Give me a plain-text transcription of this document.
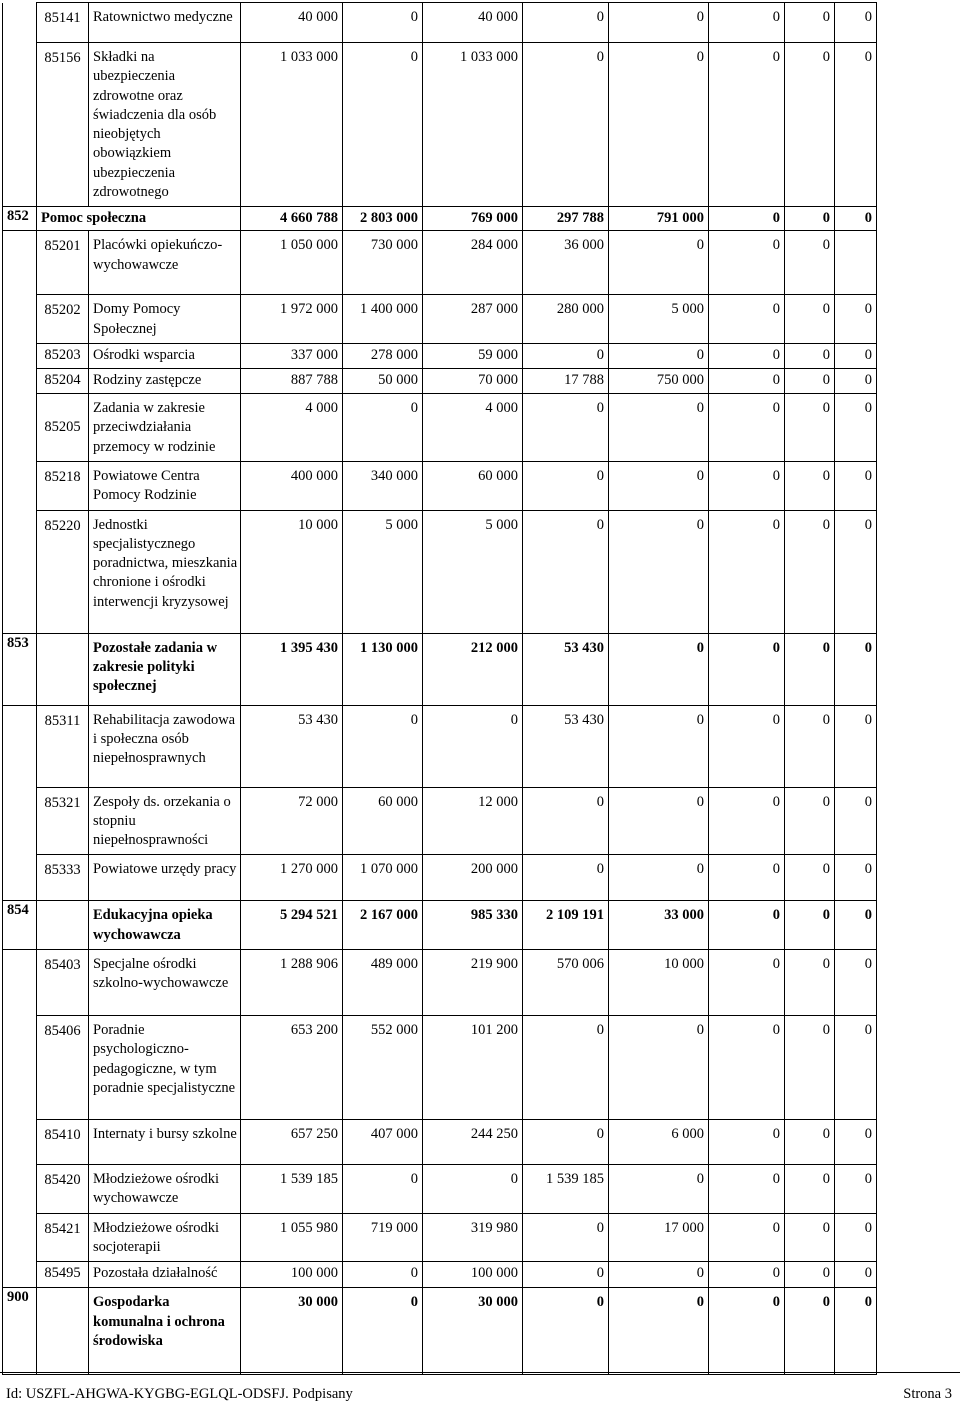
	85141	Ratownictwo medyczne	40 000	0	40 000	0	0	0	0	0
	85156	Składki na ubezpieczenia zdrowotne oraz świadczenia dla osób nieobjętych obowiązkiem ubezpieczenia zdrowotnego	1 033 000	0	1 033 000	0	0	0	0	0
852	Pomoc społeczna		4 660 788	2 803 000	769 000	297 788	791 000	0	0	0
	85201	Placówki opiekuńczo-wychowawcze	1 050 000	730 000	284 000	36 000	0	0	0	
	85202	Domy Pomocy Społecznej	1 972 000	1 400 000	287 000	280 000	5 000	0	0	0
	85203	Ośrodki wsparcia	337 000	278 000	59 000	0	0	0	0	0
	85204	Rodziny zastępcze	887 788	50 000	70 000	17 788	750 000	0	0	0
	85205	Zadania w zakresie przeciwdziałania przemocy w rodzinie	4 000	0	4 000	0	0	0	0	0
	85218	Powiatowe Centra Pomocy Rodzinie	400 000	340 000	60 000	0	0	0	0	0
	85220	Jednostki specjalistycznego poradnictwa, mieszkania chronione i ośrodki interwencji kryzysowej	10 000	5 000	5 000	0	0	0	0	0
853		Pozostałe zadania w zakresie polityki społecznej	1 395 430	1 130 000	212 000	53 430	0	0	0	0
	85311	Rehabilitacja zawodowa i społeczna osób niepełnosprawnych	53 430	0	0	53 430	0	0	0	0
	85321	Zespoły ds. orzekania o stopniu niepełnosprawności	72 000	60 000	12 000	0	0	0	0	0
	85333	Powiatowe urzędy pracy	1 270 000	1 070 000	200 000	0	0	0	0	0
854		Edukacyjna opieka wychowawcza	5 294 521	2 167 000	985 330	2 109 191	33 000	0	0	0
	85403	Specjalne ośrodki szkolno-wychowawcze	1 288 906	489 000	219 900	570 006	10 000	0	0	0
	85406	Poradnie psychologiczno-pedagogiczne, w tym poradnie specjalistyczne	653 200	552 000	101 200	0	0	0	0	0
	85410	Internaty i bursy szkolne	657 250	407 000	244 250	0	6 000	0	0	0
	85420	Młodzieżowe ośrodki wychowawcze	1 539 185	0	0	1 539 185	0	0	0	0
	85421	Młodzieżowe ośrodki socjoterapii	1 055 980	719 000	319 980	0	17 000	0	0	0
	85495	Pozostała działalność	100 000	0	100 000	0	0	0	0	0
900		Gospodarka komunalna i ochrona środowiska	30 000	0	30 000	0	0	0	0	0
Id: USZFL-AHGWA-KYGBG-EGLQL-ODSFJ. Podpisany	Strona 3
